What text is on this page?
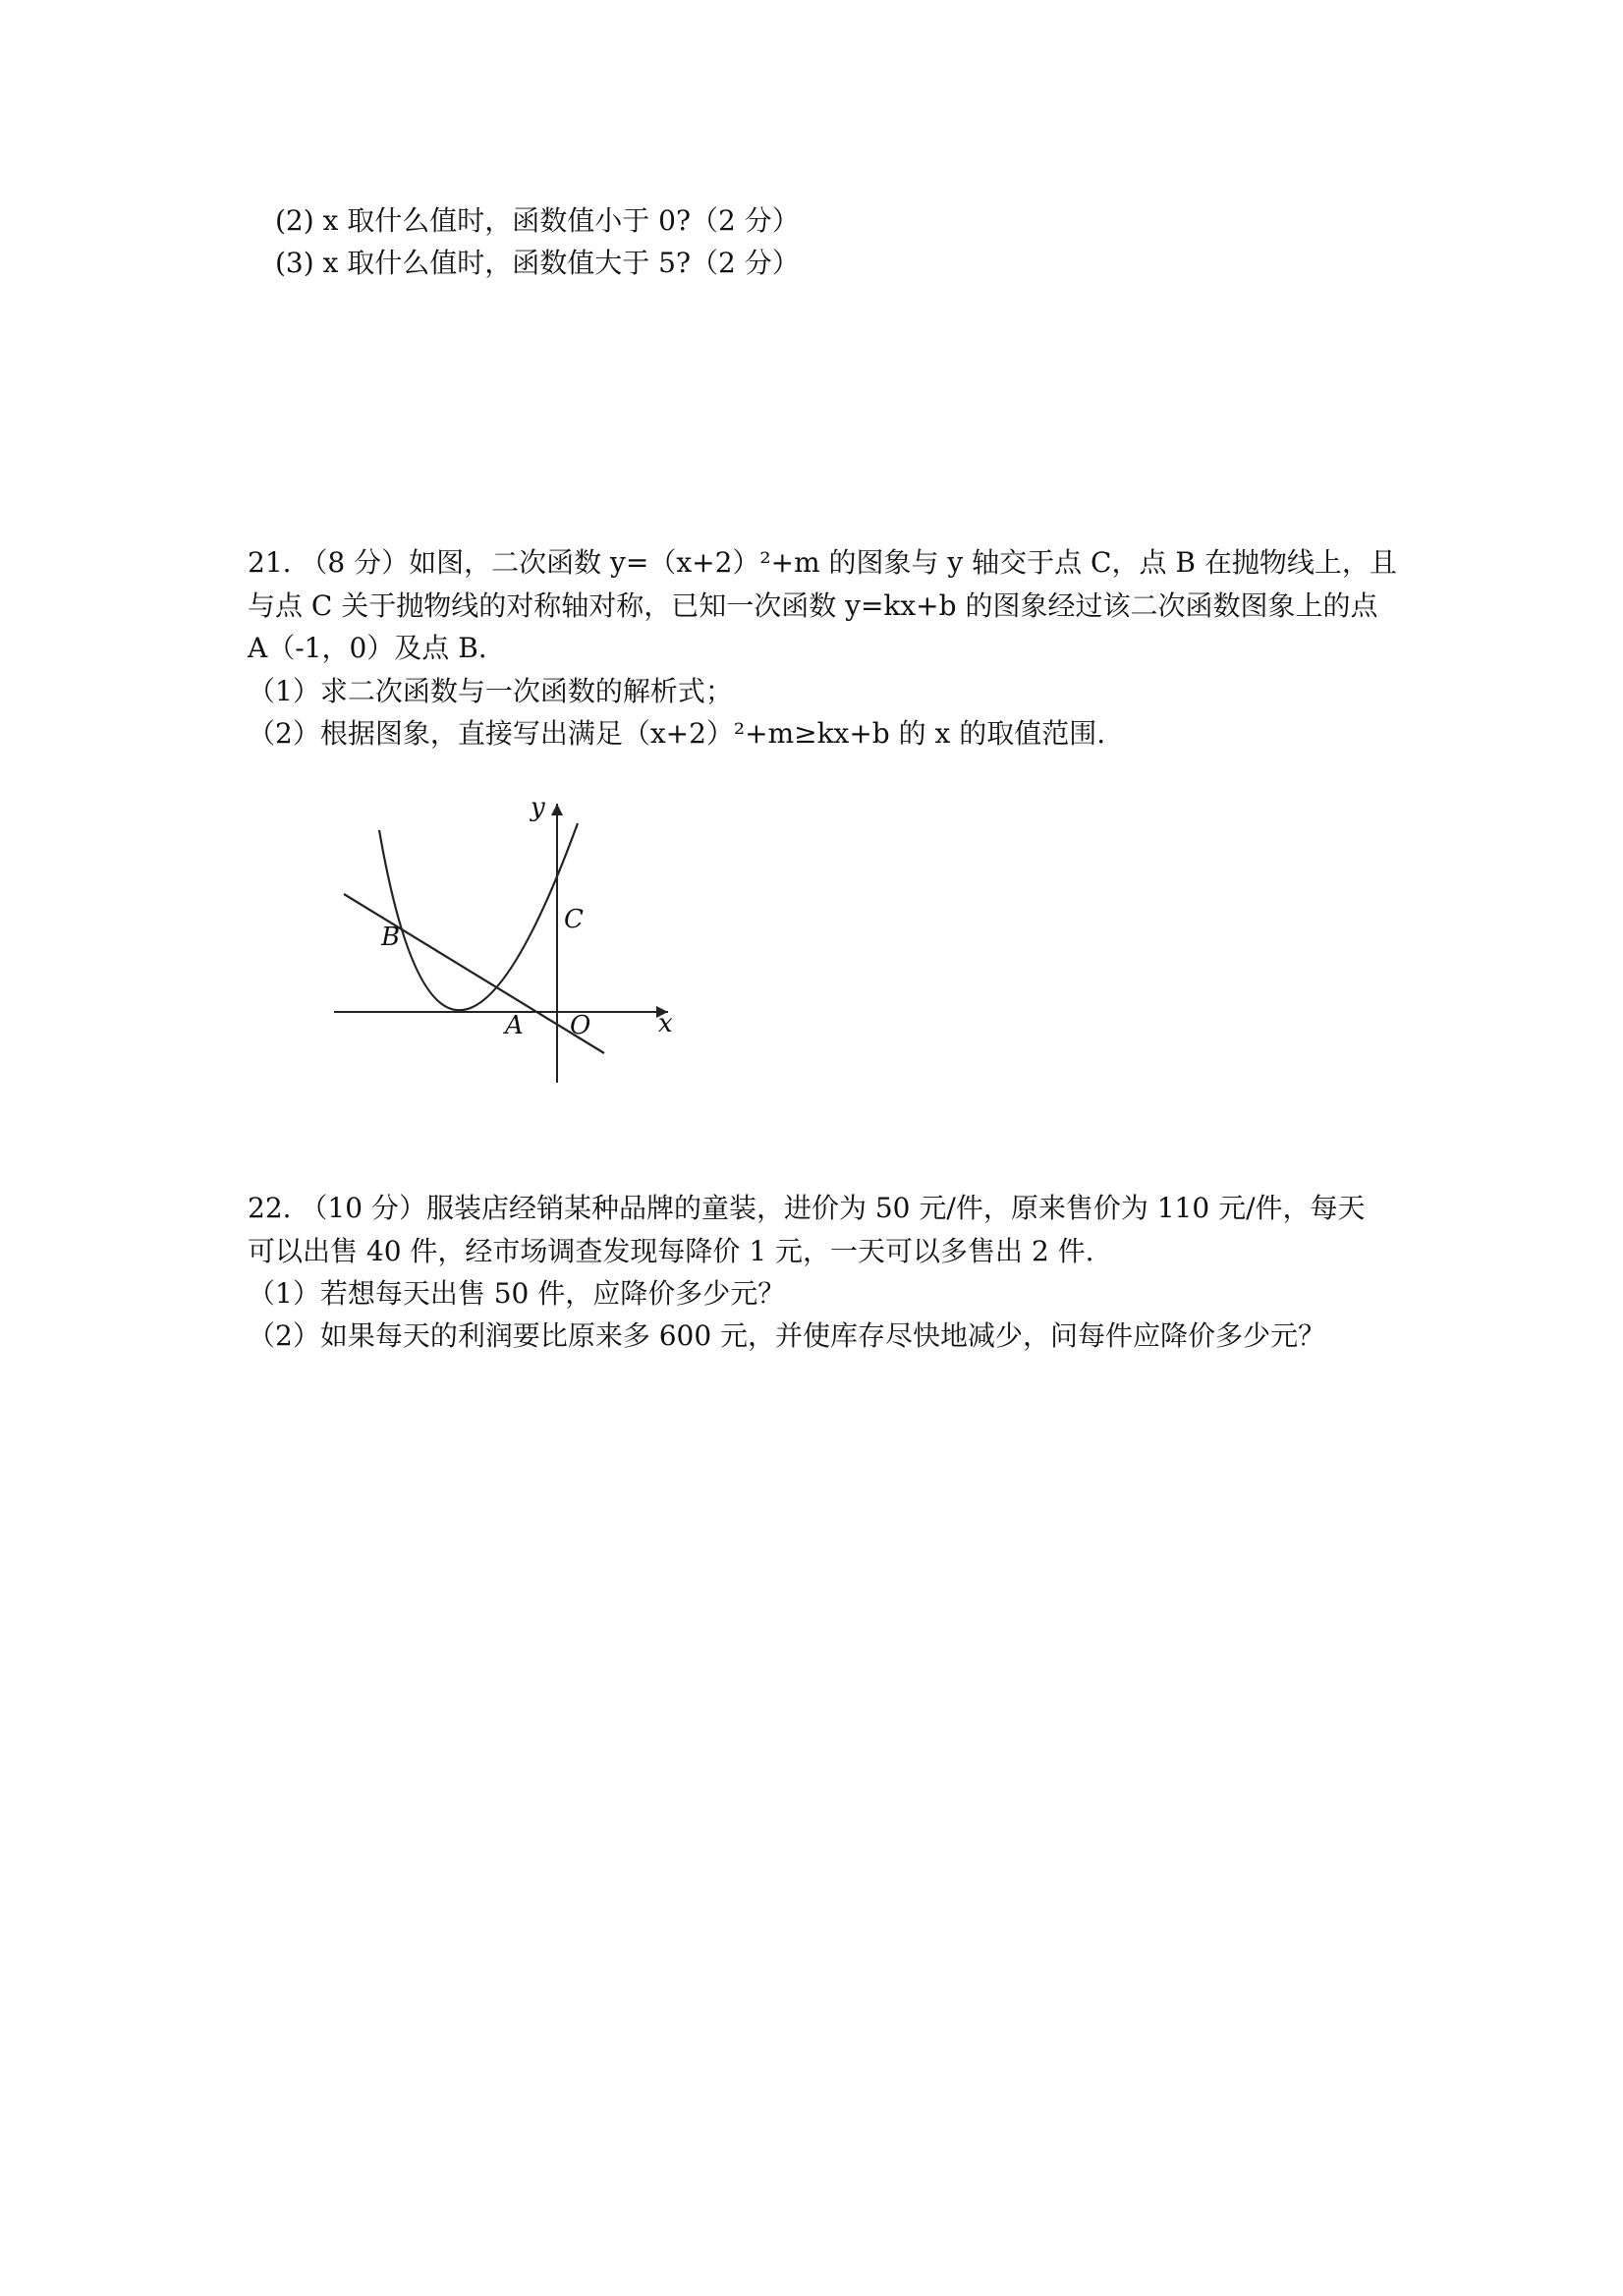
(2) x 取什么值时，函数值小于 0?（2 分）
(3) x 取什么值时，函数值大于 5?（2 分）
21. （8 分）如图，二次函数 y=（x+2）²+m 的图象与 y 轴交于点 C，点 B 在抛物线上，且
与点 C 关于抛物线的对称轴对称，已知一次函数 y=kx+b 的图象经过该二次函数图象上的点
A（-1，0）及点 B.
（1）求二次函数与一次函数的解析式；
（2）根据图象，直接写出满足（x+2）²+m≥kx+b 的 x 的取值范围.
y
x
B
C
A O
22. （10 分）服装店经销某种品牌的童装，进价为 50 元/件，原来售价为 110 元/件，每天
可以出售 40 件，经市场调查发现每降价 1 元，一天可以多售出 2 件.
（1）若想每天出售 50 件，应降价多少元？
（2）如果每天的利润要比原来多 600 元，并使库存尽快地减少，问每件应降价多少元？
